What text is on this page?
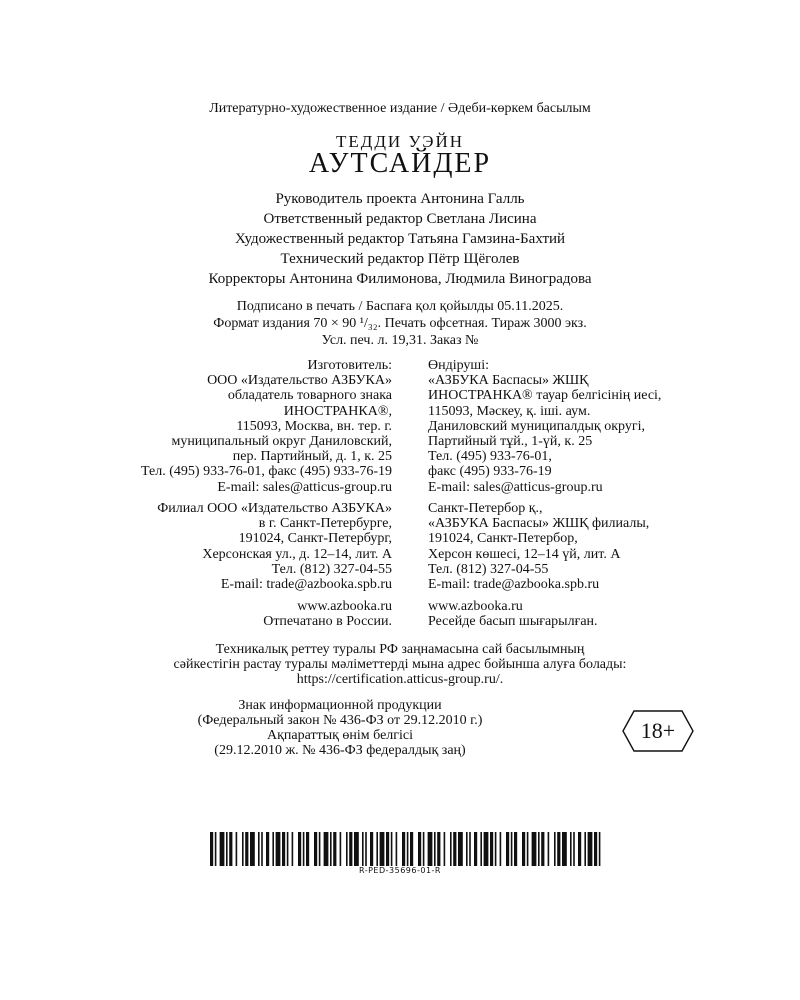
Литературно-художественное издание / Әдеби-көркем басылым
ТЕДДИ УЭЙН
АУТСАЙДЕР
Руководитель проекта Антонина Галль
Ответственный редактор Светлана Лисина
Художественный редактор Татьяна Гамзина-Бахтий
Технический редактор Пётр Щёголев
Корректоры Антонина Филимонова, Людмила Виноградова
Подписано в печать / Баспаға қол қойылды 05.11.2025.
Формат издания 70 × 90 ¹/₃₂. Печать офсетная. Тираж 3000 экз.
Усл. печ. л. 19,31. Заказ №
Изготовитель:
ООО «Издательство АЗБУКА»
обладатель товарного знака
ИНОСТРАНКА®,
115093, Москва, вн. тер. г.
муниципальный округ Даниловский,
пер. Партийный, д. 1, к. 25
Тел. (495) 933-76-01, факс (495) 933-76-19
E-mail: sales@atticus-group.ru
Өндіруші:
«АЗБУКА Баспасы» ЖШҚ
ИНОСТРАНКА® тауар белгісінің иесі,
115093, Мәскеу, қ. ішi. аум.
Даниловский муниципалдық округі,
Партийный тұй., 1-үй, к. 25
Тел. (495) 933-76-01,
факс (495) 933-76-19
E-mail: sales@atticus-group.ru
Филиал ООО «Издательство АЗБУКА»
в г. Санкт-Петербурге,
191024, Санкт-Петербург,
Херсонская ул., д. 12–14, лит. А
Тел. (812) 327-04-55
E-mail: trade@azbooka.spb.ru
Санкт-Петербор қ.,
«АЗБУКА Баспасы» ЖШҚ филиалы,
191024, Санкт-Петербор,
Херсон көшесі, 12–14 үй, лит. А
Тел. (812) 327-04-55
E-mail: trade@azbooka.spb.ru
www.azbooka.ru
Отпечатано в России.
www.azbooka.ru
Ресейде басып шығарылған.
Техникалық реттеу туралы РФ заңнамасына сай басылымның
сәйкестігін растау туралы мәліметтерді мына адрес бойынша алуға болады:
https://certification.atticus-group.ru/.
Знак информационной продукции
(Федеральный закон № 436-ФЗ от 29.12.2010 г.)
Ақпараттық өнім белгісі
(29.12.2010 ж. № 436-ФЗ федералдық заң)
18+
R-PED-35696-01-R
